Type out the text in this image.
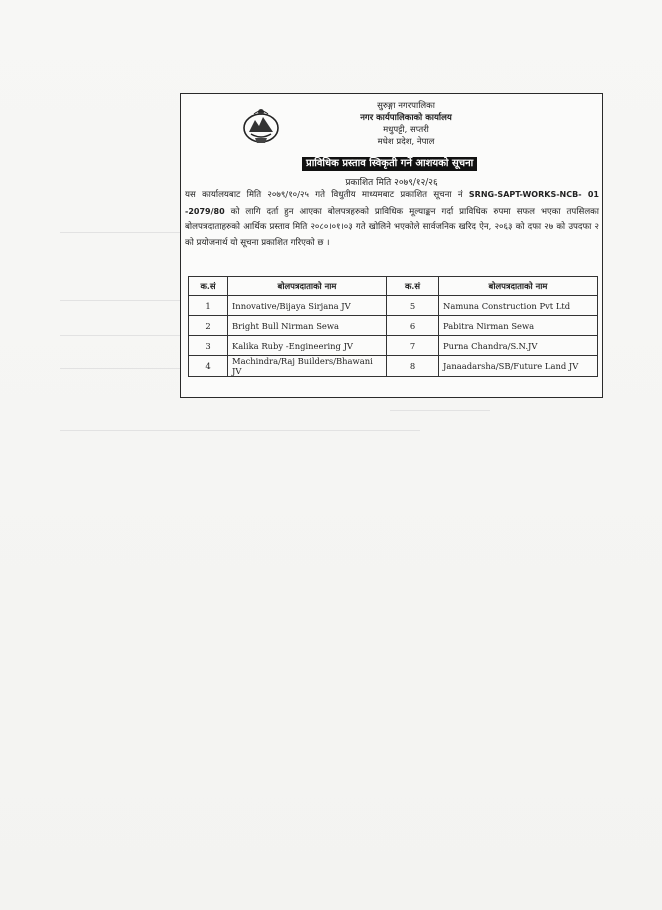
सुरुङ्गा नगरपालिका
नगर कार्यपालिकाको कार्यालय
मधुपट्टी, सप्तरी
मधेश प्रदेश, नेपाल
प्राविधिक प्रस्ताव स्विकृती गर्ने आशयको सूचना
प्रकाशित मिति २०७९/१२/२६
यस कार्यालयबाट मिति २०७९/१०/२५ गते विधुतीय माध्यमबाट प्रकाशित सूचना नं SRNG-SAPT-WORKS-NCB- 01 -2079/80 को लागि दर्ता हुन आएका बोलपत्रहरुको प्राविधिक मूल्याङ्कन गर्दा प्राविधिक रुपमा सफल भएका तपसिलका बोलपत्रदाताहरुको आर्थिक प्रस्ताव मिति २०८०।०१।०३ गते खोलिने भएकोले सार्वजनिक खरिद ऐन, २०६३ को दफा २७ को उपदफा २ को प्रयोजनार्थ यो सूचना प्रकाशित गरिएको छ ।
क.सं	बोलपत्रदाताको नाम	क.सं	बोलपत्रदाताको नाम
1	Innovative/Bijaya Sirjana JV	5	Namuna Construction Pvt Ltd
2	Bright Bull Nirman Sewa	6	Pabitra Nirman Sewa
3	Kalika Ruby -Engineering JV	7	Purna Chandra/S.N.JV
4	Machindra/Raj Builders/Bhawani JV	8	Janaadarsha/SB/Future Land JV
